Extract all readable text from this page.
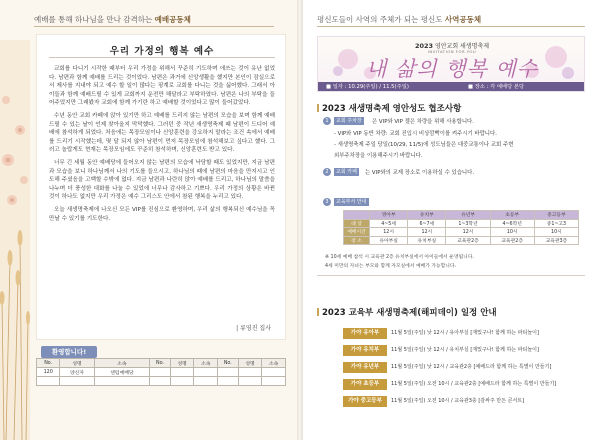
예배를 통해 하나님을 만나 감격하는 예배공동체
우리 가정의 행복 예수

교회를 다니기 시작한 때부터 우리 가정을 위해서 꾸준히 기도하며 애쓰는 것이 유난 없었다. 남편과 함께 예배를 드리는 것이었다. 남편은 과거에 신앙생활을 했지만 본인이 잠실으로서 제사를 지내야 되고 예수 할 일이 많다는 핑계로 교회를 다니는 것을 싫어했다. 그래서 아이들과 함께 예배드릴 수 있게 교회까지 운전만 해달라고 부탁하였다. 남편은 나의 부탁을 들어주었지만 그래봤자 교회에 함께 가기란 하고 예배할 것이었다고 많이 들어갔었다.

수년 동안 교회 카페에 앉아 있기만 하고 예배를 드리지 않는 남편의 모습을 보며 함께 예배드릴 수 있는 날이 언제 찾아올지 막막했다. 그러던 중 작년 새생명축제 때 남편이 드디어 예배에 참석하게 되었다. 처음에는 목장모임이나 신앙훈련을 강요하지 말라는 조건 속에서 예배를 드리기 시작했는데, 몇 달 되지 않아 남편이 먼저 목장모임에 참석해보고 싶다고 했다. 그러고 놀랍게도 현재는 목장모임에도 꾸준히 참석하며, 신앙훈련도 받고 있다.

너무 긴 세월 동안 예배당에 들어오지 않는 남편의 모습에 낙담할 때도 있었지만, 지금 남편과 모습을 보니 하나님께서 나의 기도를 들으시고, 하나님의 때에 남편의 마음을 만지시고 인도해 주셨음을 고백할 수밖에 없다. 지금 남편과 나란히 앉아 예배를 드리고, 하나님의 말씀을 나누며 더 풍성한 대화를 나눌 수 있었에 너무나 감사하고 기쁘다. 우리 가정의 상황은 바뀐 것이 하나도 없지만 우리 가정은 예수 그리스도 안에서 참된 행복을 누리고 있다.

오늘 새생명축제에 나오신 모든 VIP를 진심으로 환영하며, 우리 삶의 행복되신 예수님을 꼭 만날 수 있기를 기도한다.

| 류영진 집사
환영합니다!
No.	성명	소속	No.	성명	소속	No.	성명	소속
120	양신자	센텀예배당						

평신도들이 사역의 주체가 되는 평신도 사역공동체
2023 영안교회 새생명축제
INVITATION FOR YOU
내 삶의 행복 예수
■ 일자 : 10.29(주일) / 11.5(주일)	■ 장소 : 각 예배당 본당
2023 새생명축제 영안성도 협조사항
1	교회 주차장	은 VIP와 VIP 젤은 차량을 위해 사용합니다.
- VIP와 VIP 동반 차량: 교회 진입시 비상깜빡이를 켜주시기 바랍니다.
- 새생명축제 주일 당일(10/29, 11/5)에 성도님들은 대중교통이나 교회 주변
외부주차장을 이용해주시기 바랍니다.
2	교회 카페	는 VIP와의 교제 장소로 이용하실 수 있습니다.
3	교육부서 안내
	영아부	유치부	유년부	초등부	중고등부
대 상	4~5세	6~7세	1~3학년	4~6학년	중1~고3
예배시간	12시	12시	12시	10시	10시
장 소	유아부실	유치부실	교육관2층	교육관2층	교육관3층
※ 10세 예배 참석 시 교육관 2층 유치부실에서 아이들에서 운영됩니다.
4세 미만의 자녀는 부모와 함께 자모실에서 예배가 가능합니다.
2023 교육부 새생명축제(해피데이) 일정 안내
가야 유아부	11월 5일(주일) 낮 12시 / 유아부실 [재밌구나! 함께 하는 파티놀이]
가야 유치부	11월 5일(주일) 낮 12시 / 유치부실 [재밌구나! 함께 하는 파티놀이]
가야 유년부	11월 5일(주일) 낮 12시 / 교육관2층 [예배드라 함께 하는 특별이 만들기]
가야 초등부	11월 5일(주일) 오전 10시 / 교육관2층 [예배드라 함께 하는 특별이 만들기]
가야 중고등부	11월 5일(주일) 오전 10시 / 교육관3층 [감싸주 만든 콘서트]
